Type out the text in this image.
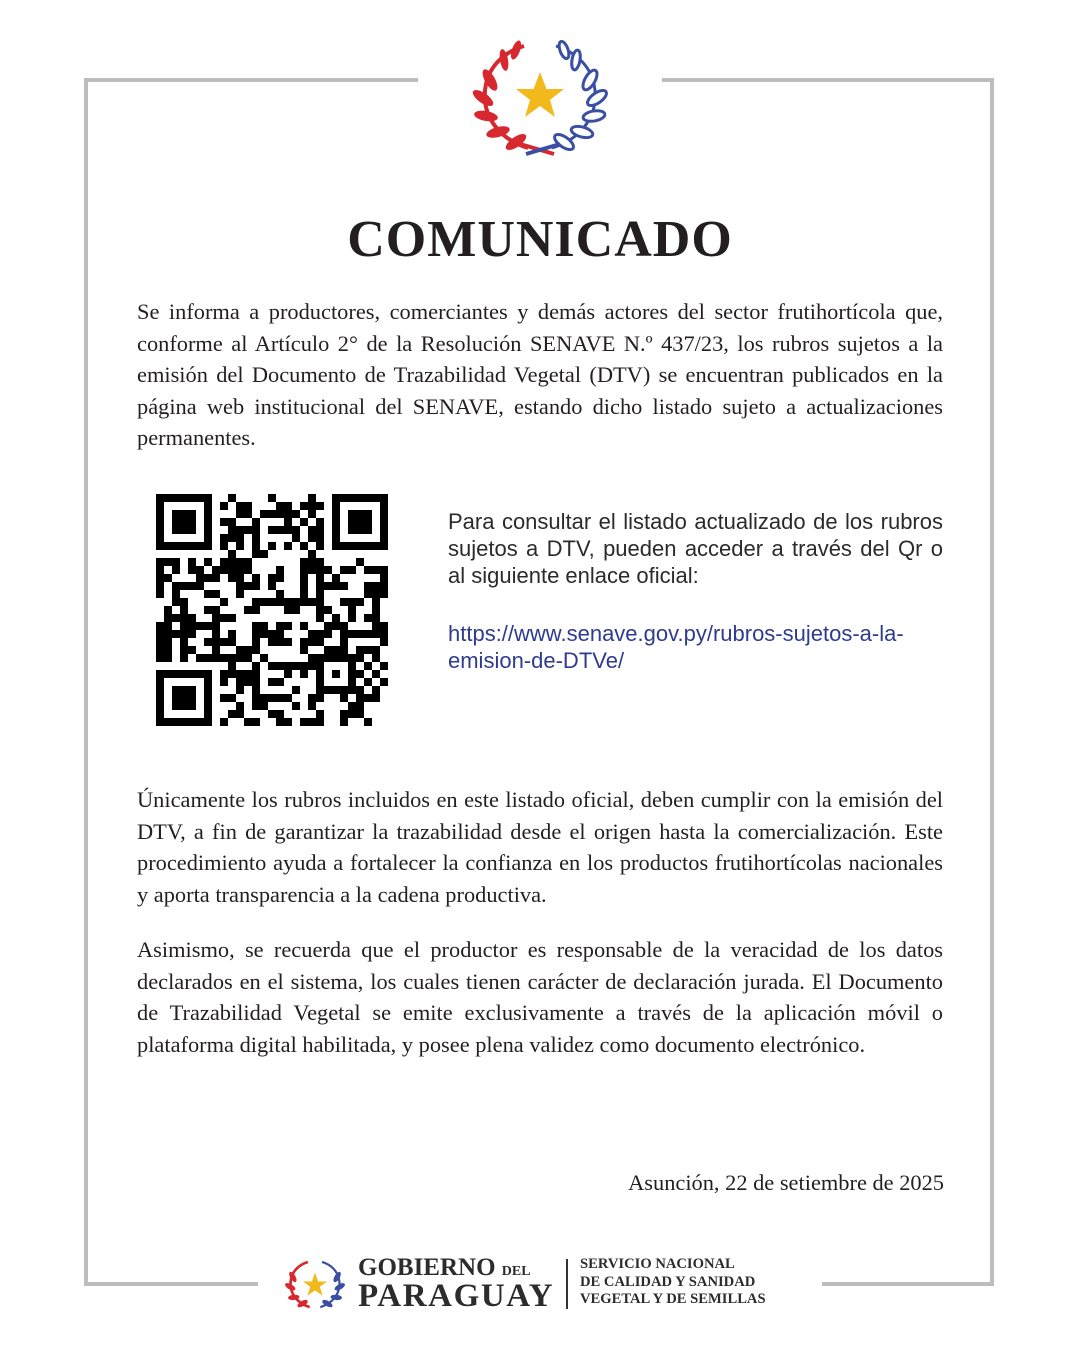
COMUNICADO

Se informa a productores, comerciantes y demás actores del sector frutihortícola que, conforme al Artículo 2° de la Resolución SENAVE N.º 437/23, los rubros sujetos a la emisión del Documento de Trazabilidad Vegetal (DTV) se encuentran publicados en la página web institucional del SENAVE, estando dicho listado sujeto a actualizaciones permanentes.

Para consultar el listado actualizado de los rubros sujetos a DTV, pueden acceder a través del Qr o al siguiente enlace oficial:

https://www.senave.gov.py/rubros-sujetos-a-la-emision-de-DTVe/

Únicamente los rubros incluidos en este listado oficial, deben cumplir con la emisión del DTV, a fin de garantizar la trazabilidad desde el origen hasta la comercialización. Este procedimiento ayuda a fortalecer la confianza en los productos frutihortícolas nacionales y aporta transparencia a la cadena productiva.

Asimismo, se recuerda que el productor es responsable de la veracidad de los datos declarados en el sistema, los cuales tienen carácter de declaración jurada. El Documento de Trazabilidad Vegetal se emite exclusivamente a través de la aplicación móvil o plataforma digital habilitada, y posee plena validez como documento electrónico.

Asunción, 22 de setiembre de 2025
GOBIERNO DEL
PARAGUAY
SERVICIO NACIONAL
DE CALIDAD Y SANIDAD
VEGETAL Y DE SEMILLAS
